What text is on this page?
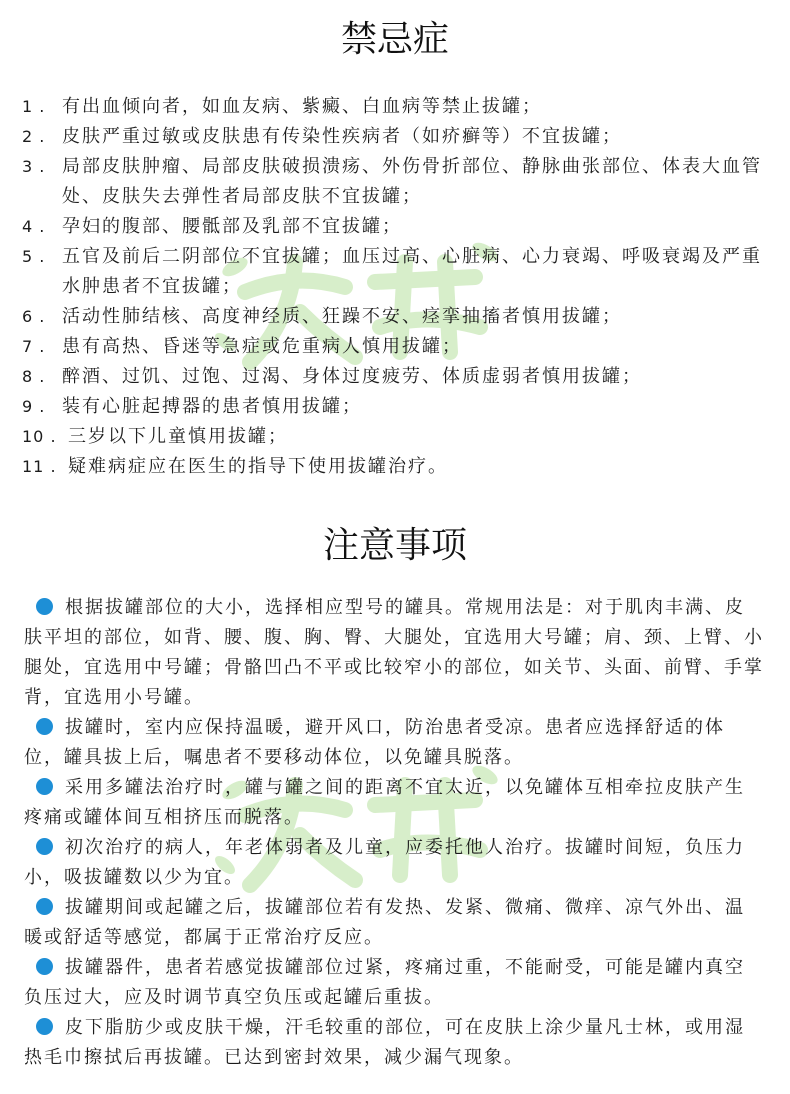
禁忌症
1 . 有出血倾向者，如血友病、紫癜、白血病等禁止拔罐；
2 . 皮肤严重过敏或皮肤患有传染性疾病者（如疥癣等）不宜拔罐；
3 . 局部皮肤肿瘤、局部皮肤破损溃疡、外伤骨折部位、静脉曲张部位、体表大血管处、皮肤失去弹性者局部皮肤不宜拔罐；
4 . 孕妇的腹部、腰骶部及乳部不宜拔罐；
5 . 五官及前后二阴部位不宜拔罐；血压过高、心脏病、心力衰竭、呼吸衰竭及严重水肿患者不宜拔罐；
6 . 活动性肺结核、高度神经质、狂躁不安、痉挛抽搐者慎用拔罐；
7 . 患有高热、昏迷等急症或危重病人慎用拔罐；
8 . 醉酒、过饥、过饱、过渴、身体过度疲劳、体质虚弱者慎用拔罐；
9 . 装有心脏起搏器的患者慎用拔罐；
10 . 三岁以下儿童慎用拔罐；
11 . 疑难病症应在医生的指导下使用拔罐治疗。
注意事项
根据拔罐部位的大小，选择相应型号的罐具。常规用法是：对于肌肉丰满、皮肤平坦的部位，如背、腰、腹、胸、臀、大腿处，宜选用大号罐；肩、颈、上臂、小腿处，宜选用中号罐；骨骼凹凸不平或比较窄小的部位，如关节、头面、前臂、手掌背，宜选用小号罐。
拔罐时，室内应保持温暖，避开风口，防治患者受凉。患者应选择舒适的体位，罐具拔上后，嘱患者不要移动体位，以免罐具脱落。
采用多罐法治疗时，罐与罐之间的距离不宜太近，以免罐体互相牵拉皮肤产生疼痛或罐体间互相挤压而脱落。
初次治疗的病人，年老体弱者及儿童，应委托他人治疗。拔罐时间短，负压力小，吸拔罐数以少为宜。
拔罐期间或起罐之后，拔罐部位若有发热、发紧、微痛、微痒、凉气外出、温暖或舒适等感觉，都属于正常治疗反应。
拔罐器件，患者若感觉拔罐部位过紧，疼痛过重，不能耐受，可能是罐内真空负压过大，应及时调节真空负压或起罐后重拔。
皮下脂肪少或皮肤干燥，汗毛较重的部位，可在皮肤上涂少量凡士林，或用湿热毛巾擦拭后再拔罐。已达到密封效果，减少漏气现象。
